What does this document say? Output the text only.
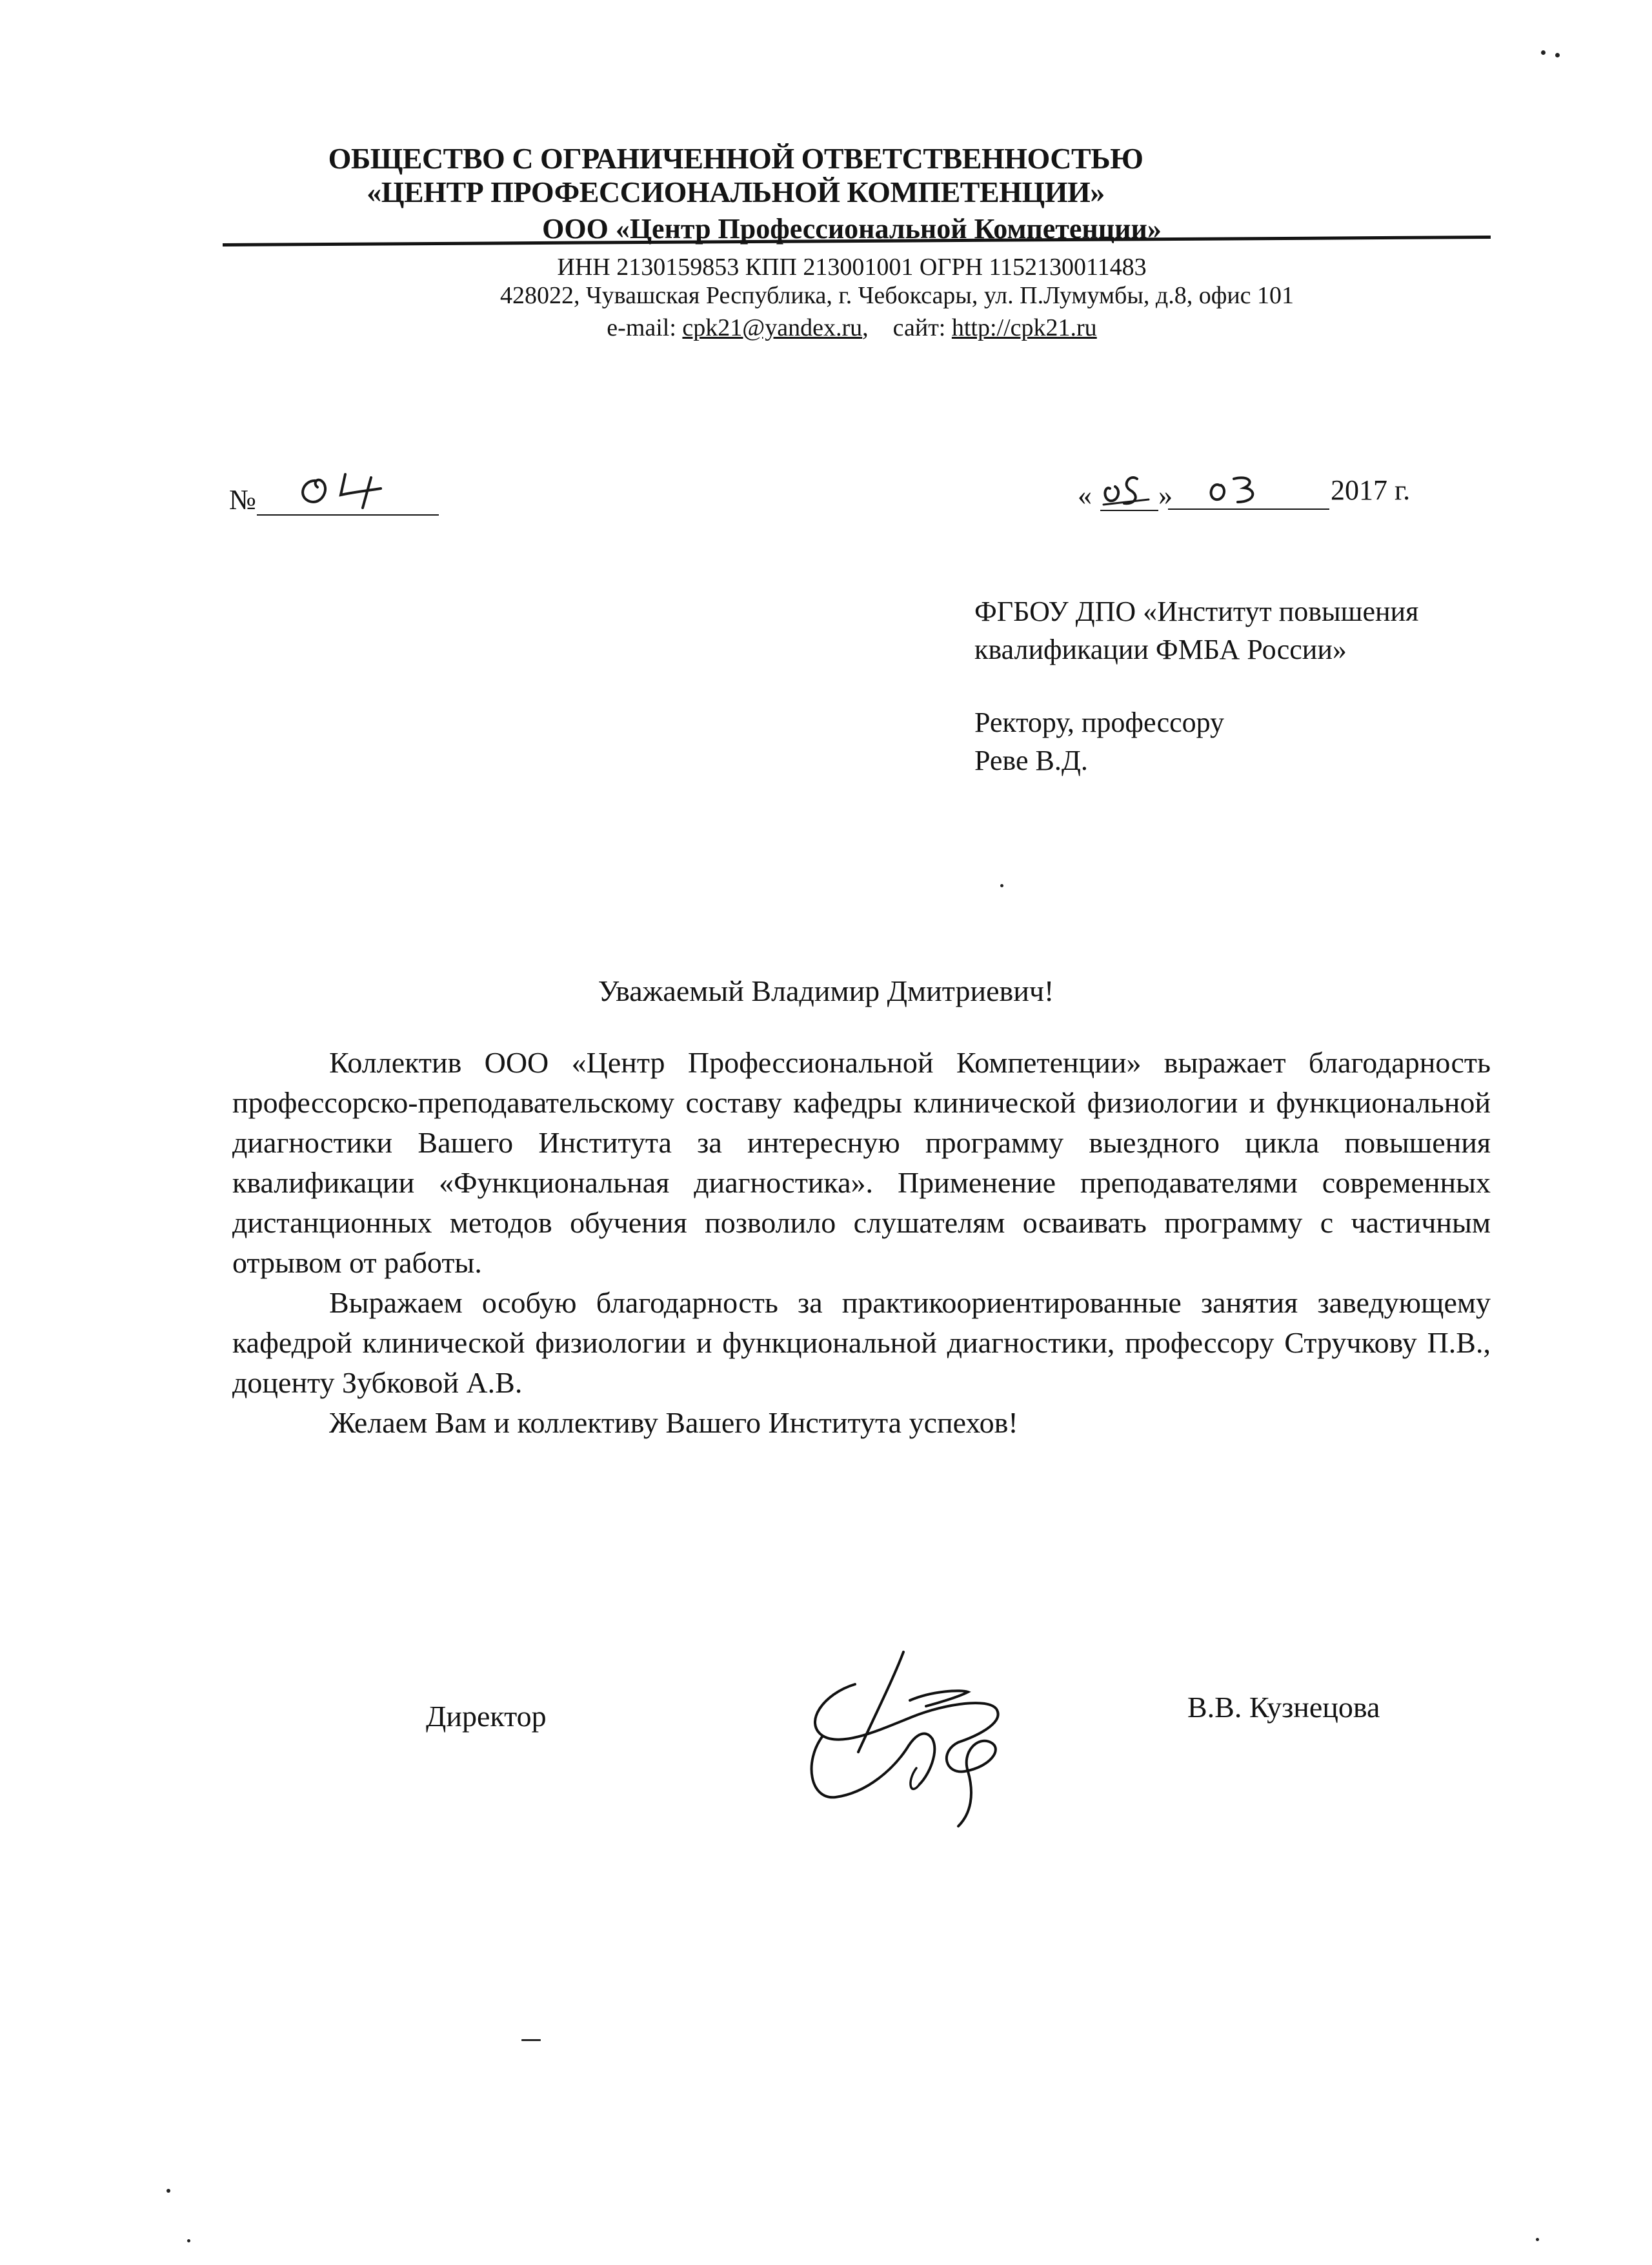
ОБЩЕСТВО С ОГРАНИЧЕННОЙ ОТВЕТСТВЕННОСТЬЮ
«ЦЕНТР ПРОФЕССИОНАЛЬНОЙ КОМПЕТЕНЦИИ»
ООО «Центр Профессиональной Компетенции»
ИНН 2130159853 КПП 213001001 ОГРН 1152130011483
428022, Чувашская Республика, г. Чебоксары, ул. П.Лумумбы, д.8, офис 101
e-mail: cpk21@yandex.ru,    сайт: http://cpk21.ru
№	« »	2017 г.
ФГБОУ ДПО «Институт повышения
квалификации ФМБА России»
Ректору, профессору
Реве В.Д.
Уважаемый Владимир Дмитриевич!

Коллектив ООО «Центр Профессиональной Компетенции» выражает благодарность профессорско-преподавательскому составу кафедры клинической физиологии и функциональной диагностики Вашего Института за интересную программу выездного цикла повышения квалификации «Функциональная диагностика». Применение преподавателями современных дистанционных методов обучения позволило слушателям осваивать программу с частичным отрывом от работы.

Выражаем особую благодарность за практикоориентированные занятия заведующему кафедрой клинической физиологии и функциональной диагностики, профессору Стручкову П.В., доценту Зубковой А.В.

Желаем Вам и коллективу Вашего Института успехов!

Директор	В.В. Кузнецова
